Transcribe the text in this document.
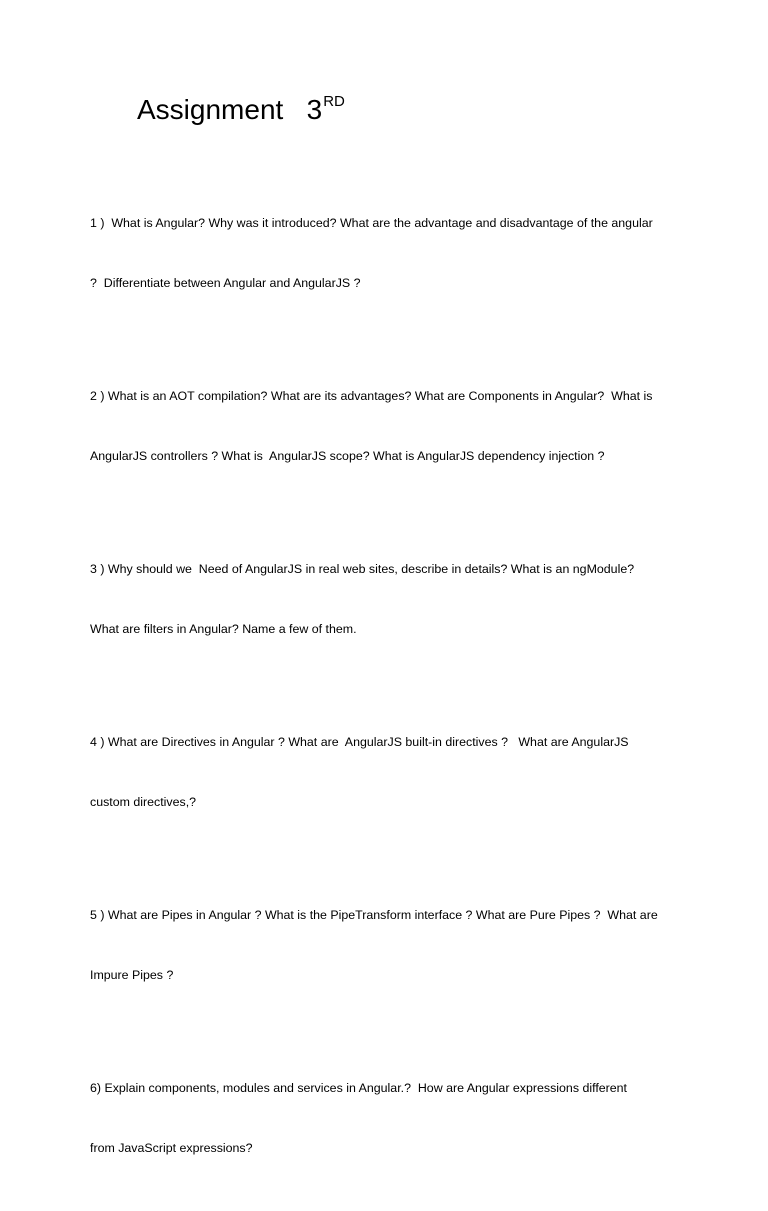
Assignment   3RD

1 )  What is Angular? Why was it introduced? What are the advantage and disadvantage of the angular

?  Differentiate between Angular and AngularJS ?

2 ) What is an AOT compilation? What are its advantages? What are Components in Angular?  What is

AngularJS controllers ? What is  AngularJS scope? What is AngularJS dependency injection ?

3 ) Why should we  Need of AngularJS in real web sites, describe in details? What is an ngModule?

What are filters in Angular? Name a few of them.

4 ) What are Directives in Angular ? What are  AngularJS built-in directives ?   What are AngularJS

custom directives,?

5 ) What are Pipes in Angular ? What is the PipeTransform interface ? What are Pure Pipes ?  What are

Impure Pipes ?

6) Explain components, modules and services in Angular.?  How are Angular expressions different

from JavaScript expressions?
